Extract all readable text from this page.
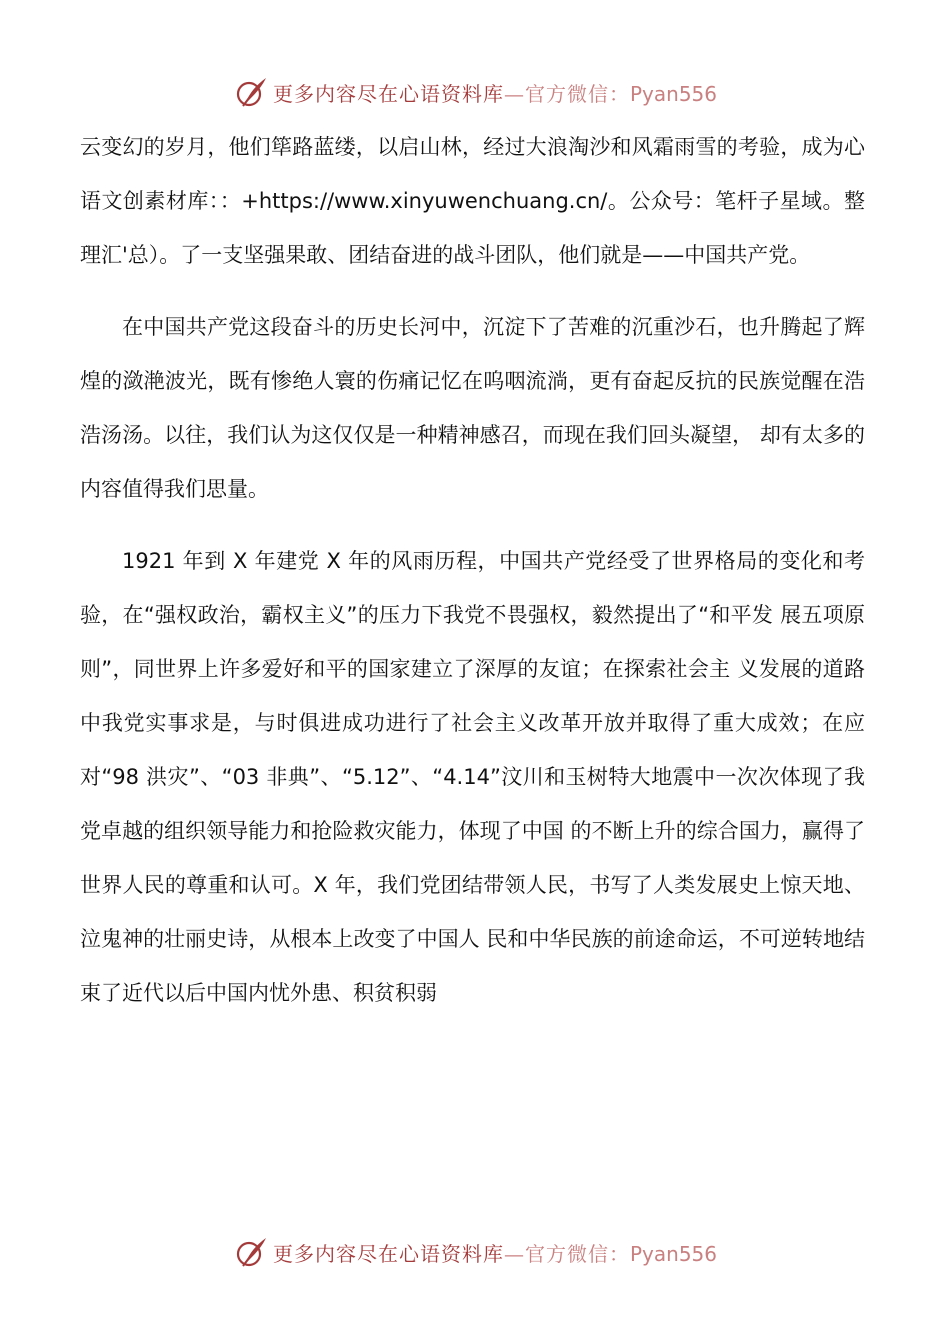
更多内容尽在心语资料库—官方微信：Pyan556

云变幻的岁月，他们筚路蓝缕，以启山林，经过大浪淘沙和风霜雨雪的考验，成为心语文创素材库：：+https://www.xinyuwenchuang.cn/。公众号：笔杆子星域。整理汇'总）。了一支坚强果敢、团结奋进的战斗团队，他们就是——中国共产党。

在中国共产党这段奋斗的历史长河中，沉淀下了苦难的沉重沙石，也升腾起了辉煌的潋滟波光，既有惨绝人寰的伤痛记忆在呜咽流淌，更有奋起反抗的民族觉醒在浩浩汤汤。以往，我们认为这仅仅是一种精神感召，而现在我们回头凝望， 却有太多的内容值得我们思量。

1921 年到 X 年建党 X 年的风雨历程，中国共产党经受了世界格局的变化和考验，在“强权政治，霸权主义”的压力下我党不畏强权，毅然提出了“和平发 展五项原则”，同世界上许多爱好和平的国家建立了深厚的友谊；在探索社会主 义发展的道路中我党实事求是，与时俱进成功进行了社会主义改革开放并取得了重大成效；在应对“98 洪灾”、“03 非典”、“5.12”、“4.14”汶川和玉树特大地震中一次次体现了我党卓越的组织领导能力和抢险救灾能力，体现了中国 的不断上升的综合国力，赢得了世界人民的尊重和认可。X 年，我们党团结带领人民，书写了人类发展史上惊天地、泣鬼神的壮丽史诗，从根本上改变了中国人 民和中华民族的前途命运，不可逆转地结束了近代以后中国内忧外患、积贫积弱

更多内容尽在心语资料库—官方微信：Pyan556
